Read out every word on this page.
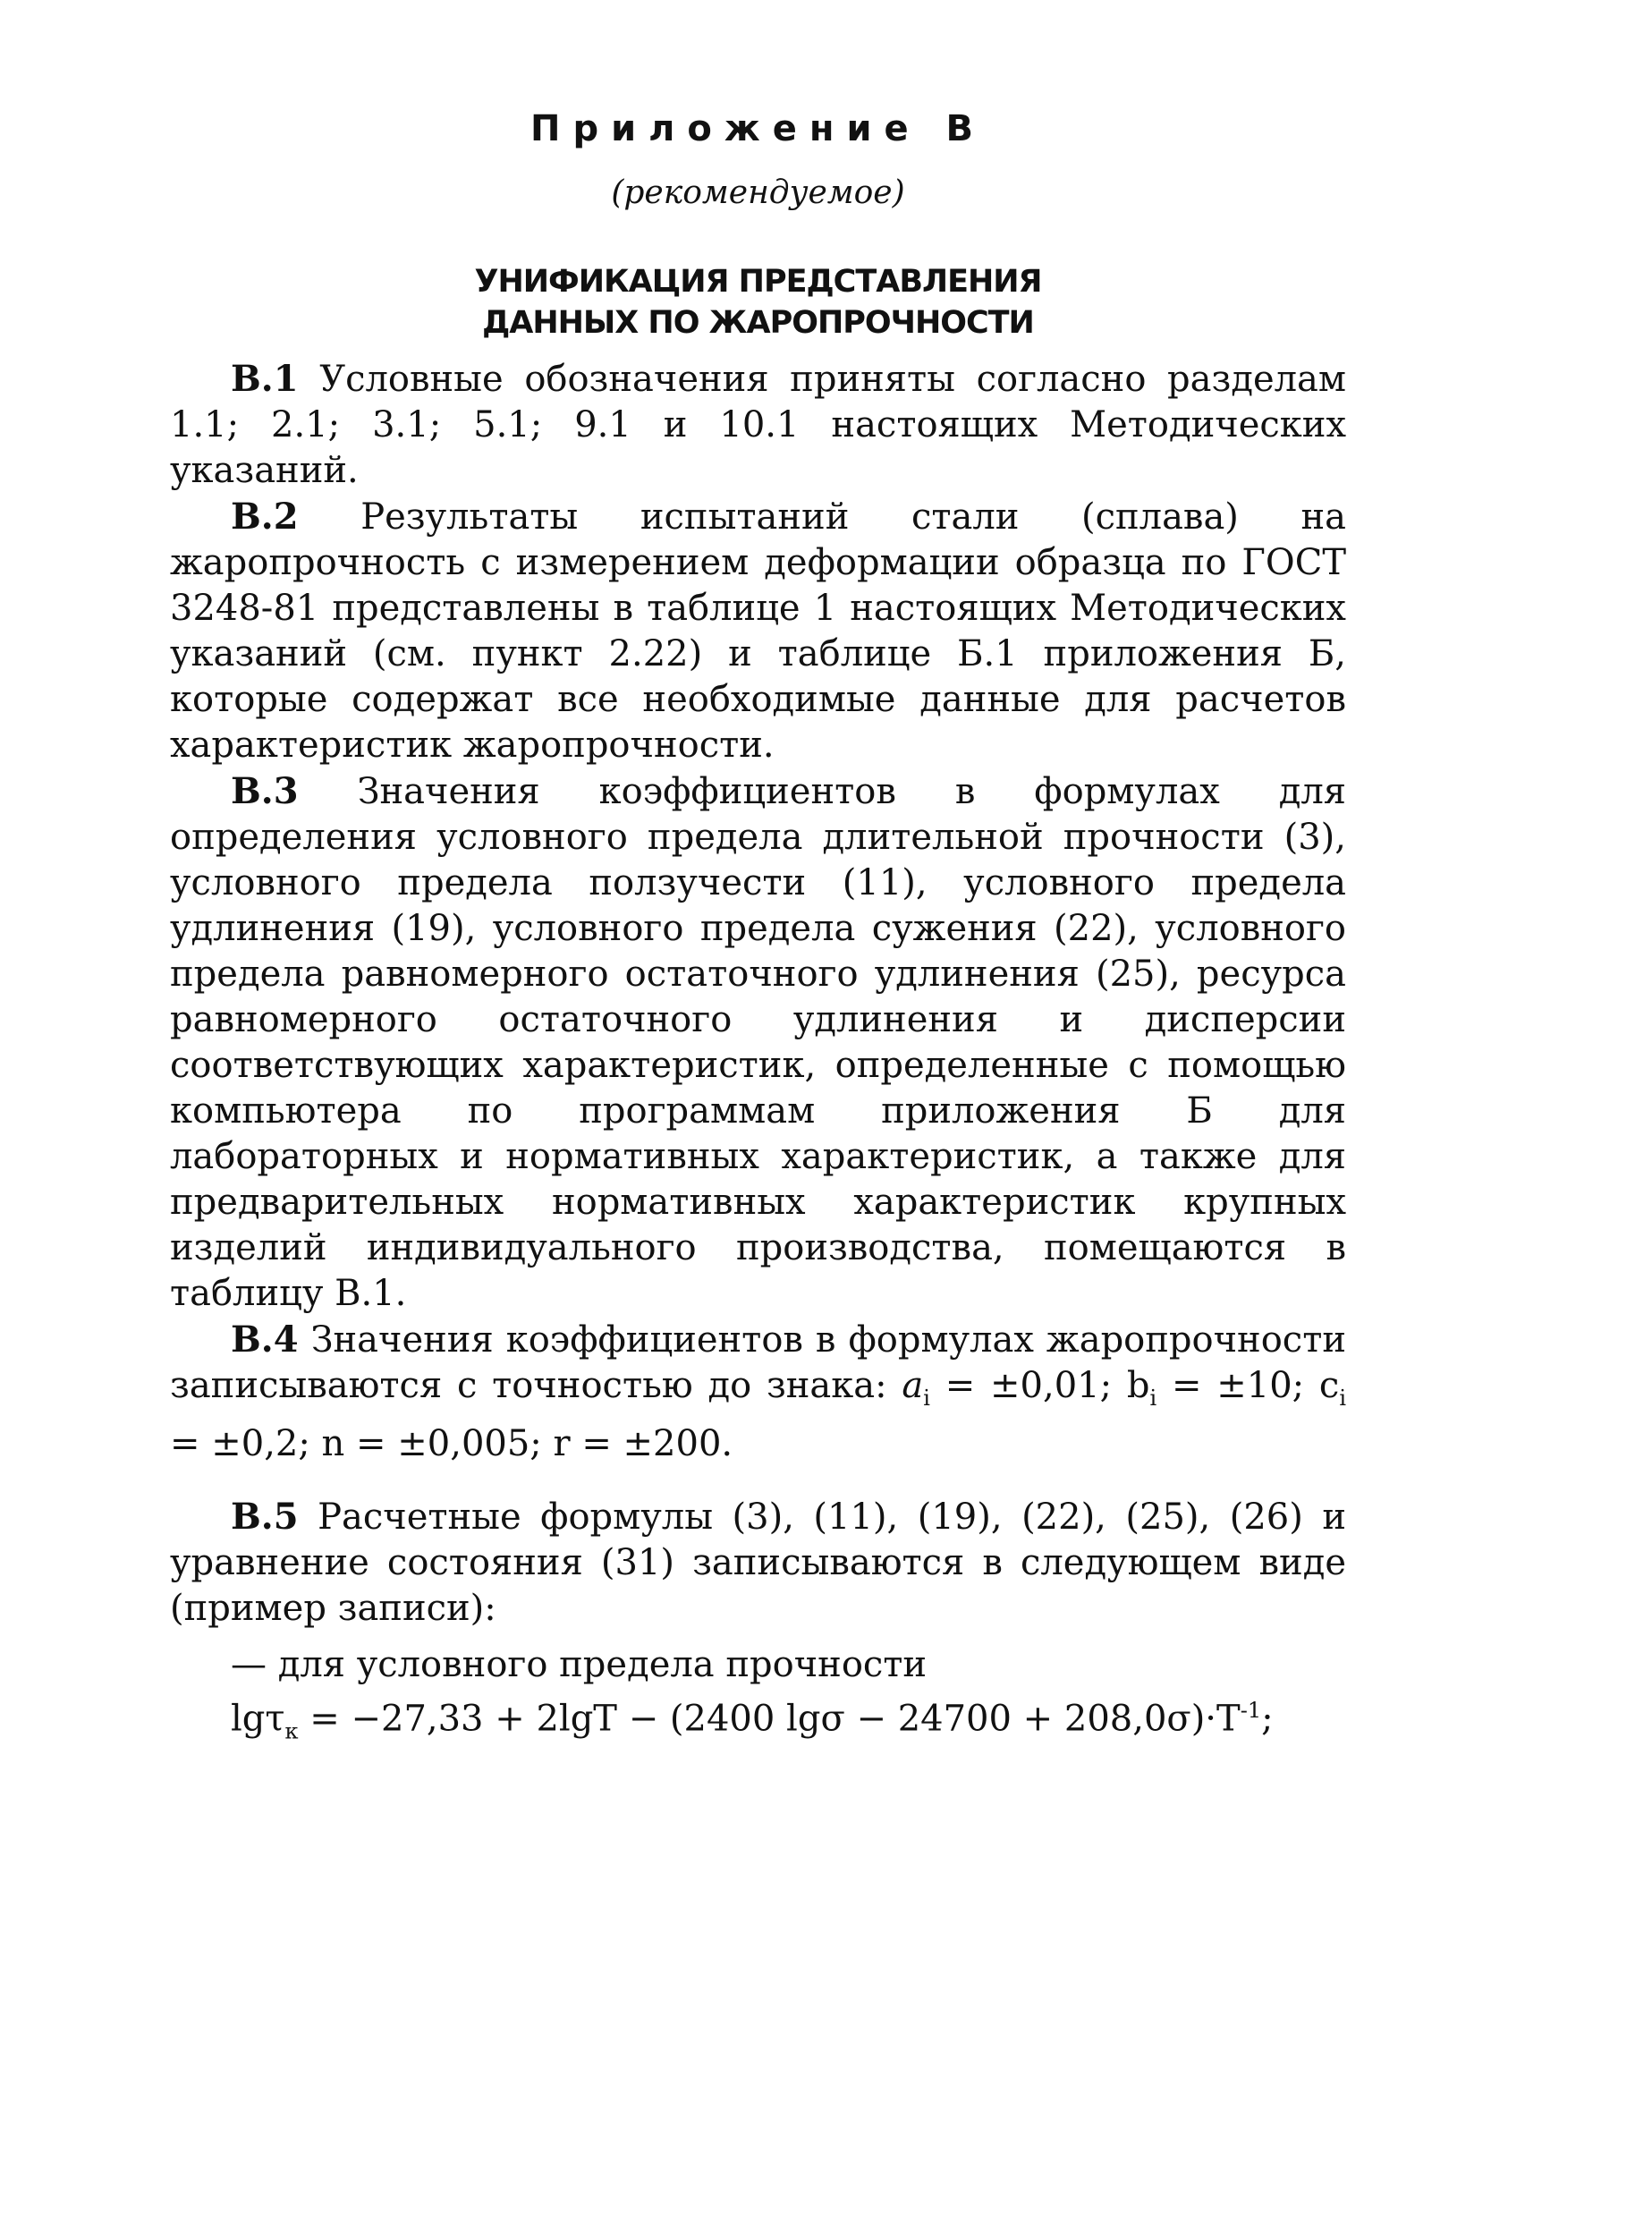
Приложение В
(рекомендуемое)
УНИФИКАЦИЯ ПРЕДСТАВЛЕНИЯ
ДАННЫХ ПО ЖАРОПРОЧНОСТИ

В.1 Условные обозначения приняты согласно разделам 1.1; 2.1; 3.1; 5.1; 9.1 и 10.1 настоящих Методических указаний.

В.2 Результаты испытаний стали (сплава) на жаропрочность с измерением деформации образца по ГОСТ 3248-81 представлены в таблице 1 настоящих Методических указаний (см. пункт 2.22) и таблице Б.1 приложения Б, которые содержат все необходимые данные для расчетов характеристик жаропрочности.

В.3 Значения коэффициентов в формулах для определения условного предела длительной прочности (3), условного предела ползучести (11), условного предела удлинения (19), условного предела сужения (22), условного предела равномерного остаточного удлинения (25), ресурса равномерного остаточного удлинения и дисперсии соответствующих характеристик, определенные с помощью компьютера по программам приложения Б для лабораторных и нормативных характеристик, а также для предварительных нормативных характеристик крупных изделий индивидуального производства, помещаются в таблицу В.1.

В.4 Значения коэффициентов в формулах жаропрочности записываются с точностью до знака: $a_i = \pm 0,01$; $b_i = \pm 10$; $c_i = \pm 0,2$; n = ±0,005; r = ±200.

В.5 Расчетные формулы (3), (11), (19), (22), (25), (26) и уравнение состояния (31) записываются в следующем виде (пример записи):

— для условного предела прочности
lgτ$_к$ = −27,33 + 2lgT − (2400 $\lg\sigma - 24700 + 208,0\sigma)\cdot T^{-1}$;
